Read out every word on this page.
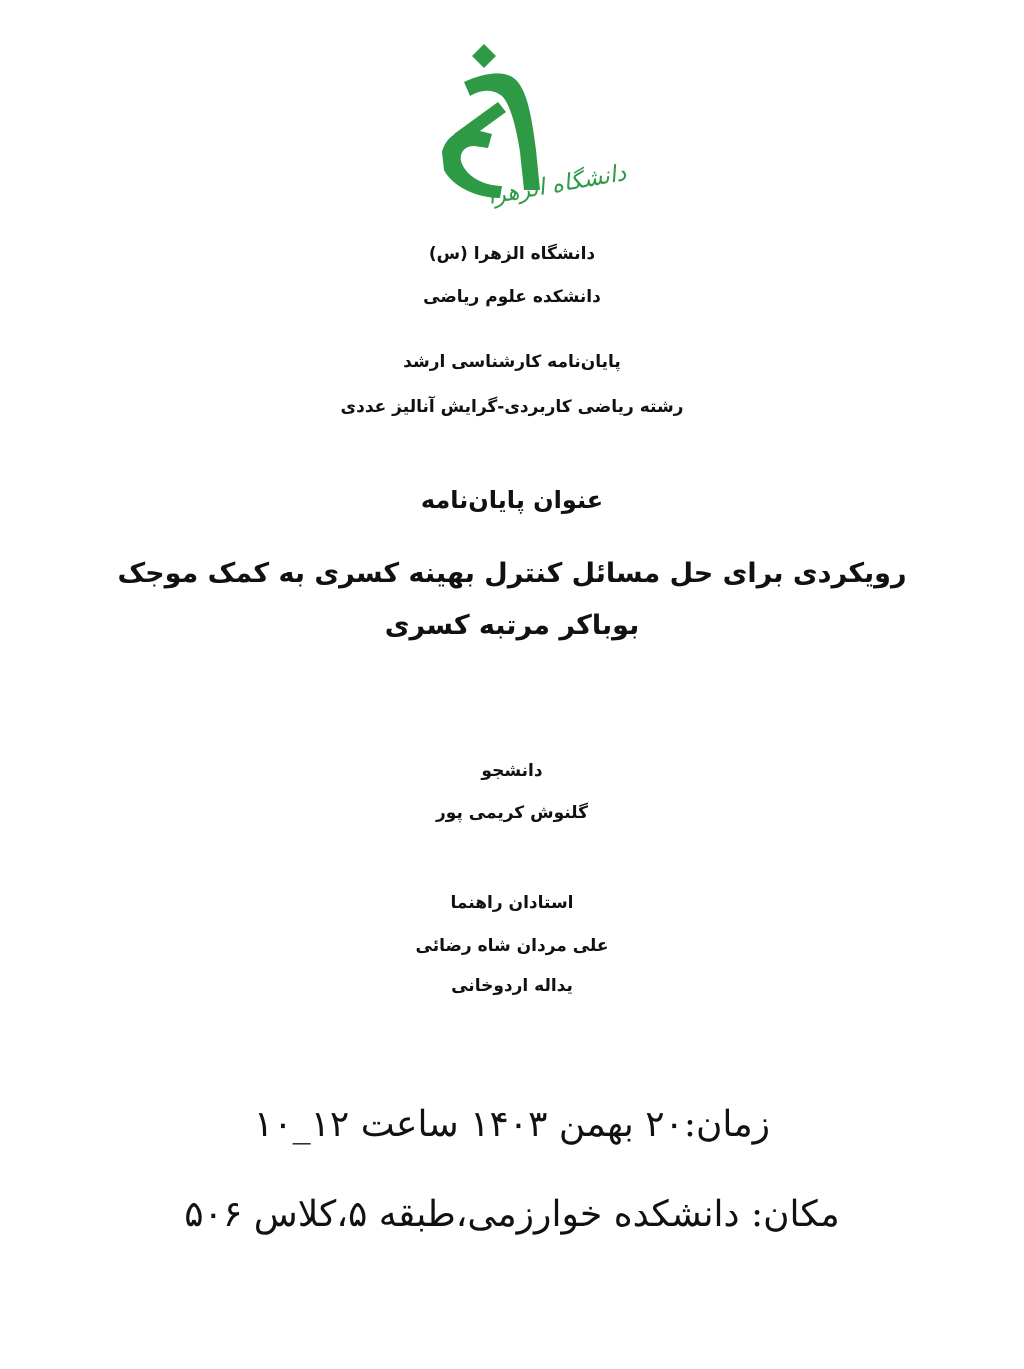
دانشگاه الزهرا
دانشگاه الزهرا (س)
دانشکده علوم ریاضی
پایان‌نامه کارشناسی ارشد
رشته ریاضی کاربردی-گرایش آنالیز عددی
عنوان پایان‌نامه
رویکردی برای حل مسائل کنترل بهینه کسری به کمک موجک
بوباکر مرتبه کسری
دانشجو
گلنوش کریمی پور
استادان راهنما
علی مردان شاه رضائی
یداله اردوخانی
زمان:۲۰ بهمن ۱۴۰۳ ساعت ۱۲_۱۰
مکان: دانشکده خوارزمی،طبقه ۵،کلاس ۵۰۶
